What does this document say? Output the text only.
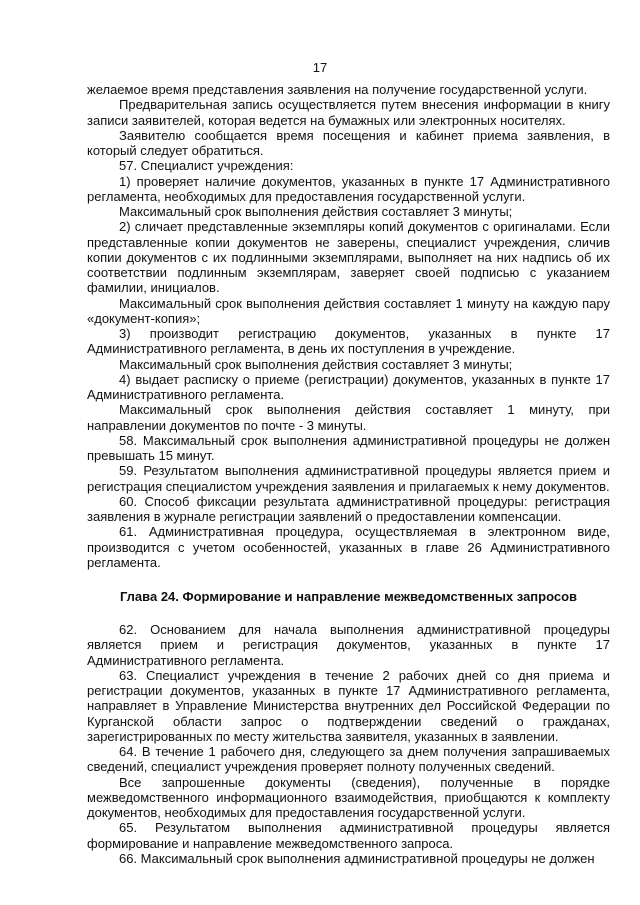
17

желаемое время представления заявления на получение государственной услуги.

Предварительная запись осуществляется путем внесения информации в книгу записи заявителей, которая ведется на бумажных или электронных носителях.

Заявителю сообщается время посещения и кабинет приема заявления, в который следует обратиться.

57. Специалист учреждения:

1) проверяет наличие документов, указанных в пункте 17 Административного регламента, необходимых для предоставления государственной услуги.

Максимальный срок выполнения действия составляет 3 минуты;

2) сличает представленные экземпляры копий документов с оригиналами. Если представленные копии документов не заверены, специалист учреждения, сличив копии документов с их подлинными экземплярами, выполняет на них надпись об их соответствии подлинным экземплярам, заверяет своей подписью с указанием фамилии, инициалов.

Максимальный срок выполнения действия составляет 1 минуту на каждую пару «документ-копия»;

3) производит регистрацию документов, указанных в пункте 17 Административного регламента, в день их поступления в учреждение.

Максимальный срок выполнения действия составляет 3 минуты;

4) выдает расписку о приеме (регистрации) документов, указанных в пункте 17 Административного регламента.

Максимальный срок выполнения действия составляет 1 минуту, при направлении документов по почте - 3 минуты.

58. Максимальный срок выполнения административной процедуры не должен превышать 15 минут.

59. Результатом выполнения административной процедуры является прием и регистрация специалистом учреждения заявления и прилагаемых к нему документов.

60. Способ фиксации результата административной процедуры: регистрация заявления в журнале регистрации заявлений о предоставлении компенсации.

61. Административная процедура, осуществляемая в электронном виде, производится с учетом особенностей, указанных в главе 26 Административного регламента.

Глава 24. Формирование и направление межведомственных запросов

62. Основанием для начала выполнения административной процедуры является прием и регистрация документов, указанных в пункте 17 Административного регламента.

63. Специалист учреждения в течение 2 рабочих дней со дня приема и регистрации документов, указанных в пункте 17 Административного регламента, направляет в Управление Министерства внутренних дел Российской Федерации по Курганской области запрос о подтверждении сведений о гражданах, зарегистрированных по месту жительства заявителя, указанных в заявлении.

64. В течение 1 рабочего дня, следующего за днем получения запрашиваемых сведений, специалист учреждения проверяет полноту полученных сведений.

Все запрошенные документы (сведения), полученные в порядке межведомственного информационного взаимодействия, приобщаются к комплекту документов, необходимых для предоставления государственной услуги.

65. Результатом выполнения административной процедуры является формирование и направление межведомственного запроса.

66. Максимальный срок выполнения административной процедуры не должен
